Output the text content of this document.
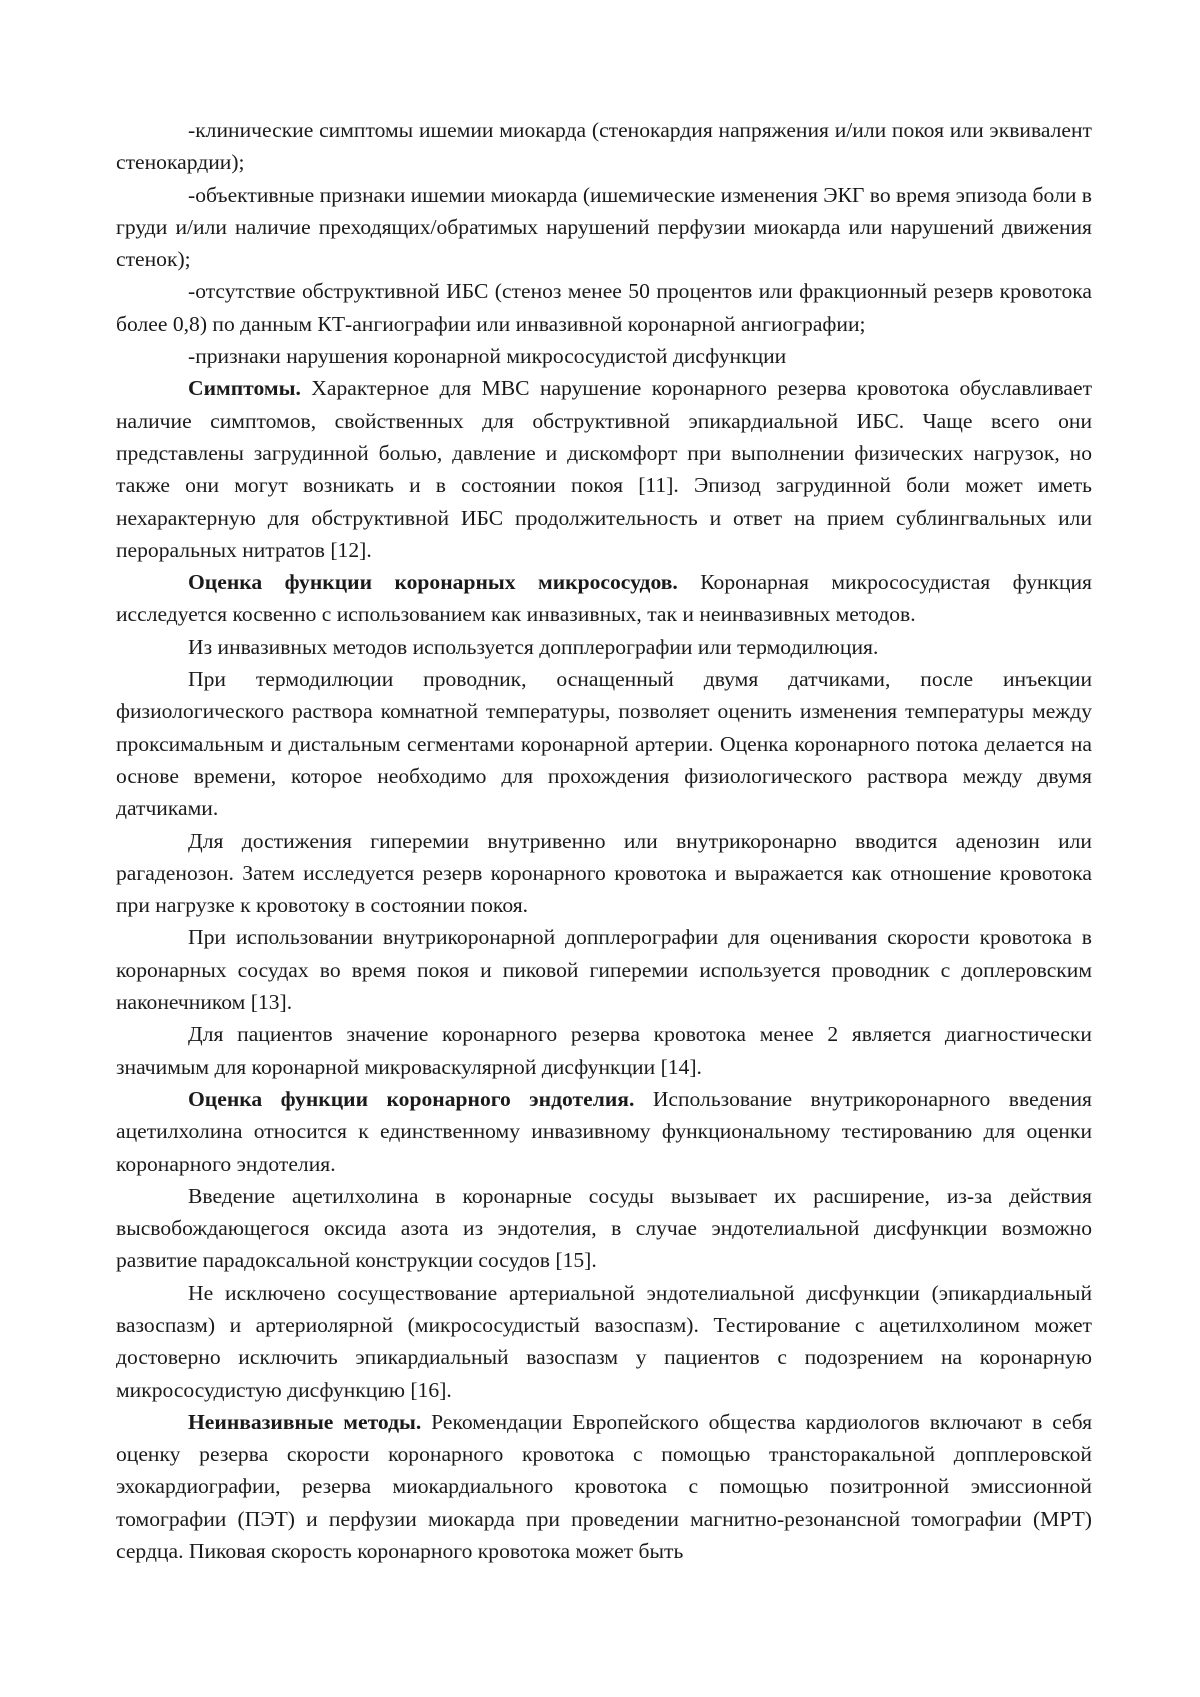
-клинические симптомы ишемии миокарда (стенокардия напряжения и/или покоя или эквивалент стенокардии);

-объективные признаки ишемии миокарда (ишемические изменения ЭКГ во время эпизода боли в груди и/или наличие преходящих/обратимых нарушений перфузии миокарда или нарушений движения стенок);

-отсутствие обструктивной ИБС (стеноз менее 50 процентов или фракционный резерв кровотока более 0,8) по данным КТ-ангиографии или инвазивной коронарной ангиографии;

-признаки нарушения коронарной микрососудистой дисфункции

Симптомы. Характерное для МВС нарушение коронарного резерва кровотока обуславливает наличие симптомов, свойственных для обструктивной эпикардиальной ИБС. Чаще всего они представлены загрудинной болью, давление и дискомфорт при выполнении физических нагрузок, но также они могут возникать и в состоянии покоя [11]. Эпизод загрудинной боли может иметь нехарактерную для обструктивной ИБС продолжительность и ответ на прием сублингвальных или пероральных нитратов [12].

Оценка функции коронарных микрососудов. Коронарная микрососудистая функция исследуется косвенно с использованием как инвазивных, так и неинвазивных методов.

Из инвазивных методов используется допплерографии или термодилюция.

При термодилюции проводник, оснащенный двумя датчиками, после инъекции физиологического раствора комнатной температуры, позволяет оценить изменения температуры между проксимальным и дистальным сегментами коронарной артерии. Оценка коронарного потока делается на основе времени, которое необходимо для прохождения физиологического раствора между двумя датчиками.

Для достижения гиперемии внутривенно или внутрикоронарно вводится аденозин или рагаденозон. Затем исследуется резерв коронарного кровотока и выражается как отношение кровотока при нагрузке к кровотоку в состоянии покоя.

При использовании внутрикоронарной допплерографии для оценивания скорости кровотока в коронарных сосудах во время покоя и пиковой гиперемии используется проводник с доплеровским наконечником [13].

Для пациентов значение коронарного резерва кровотока менее 2 является диагностически значимым для коронарной микроваскулярной дисфункции [14].

Оценка функции коронарного эндотелия. Использование внутрикоронарного введения ацетилхолина относится к единственному инвазивному функциональному тестированию для оценки коронарного эндотелия.

Введение ацетилхолина в коронарные сосуды вызывает их расширение, из-за действия высвобождающегося оксида азота из эндотелия, в случае эндотелиальной дисфункции возможно развитие парадоксальной конструкции сосудов [15].

Не исключено сосуществование артериальной эндотелиальной дисфункции (эпикардиальный вазоспазм) и артериолярной (микрососудистый вазоспазм). Тестирование с ацетилхолином может достоверно исключить эпикардиальный вазоспазм у пациентов с подозрением на коронарную микрососудистую дисфункцию [16].

Неинвазивные методы. Рекомендации Европейского общества кардиологов включают в себя оценку резерва скорости коронарного кровотока с помощью трансторакальной допплеровской эхокардиографии, резерва миокардиального кровотока с помощью позитронной эмиссионной томографии (ПЭТ) и перфузии миокарда при проведении магнитно-резонансной томографии (МРТ) сердца. Пиковая скорость коронарного кровотока может быть
